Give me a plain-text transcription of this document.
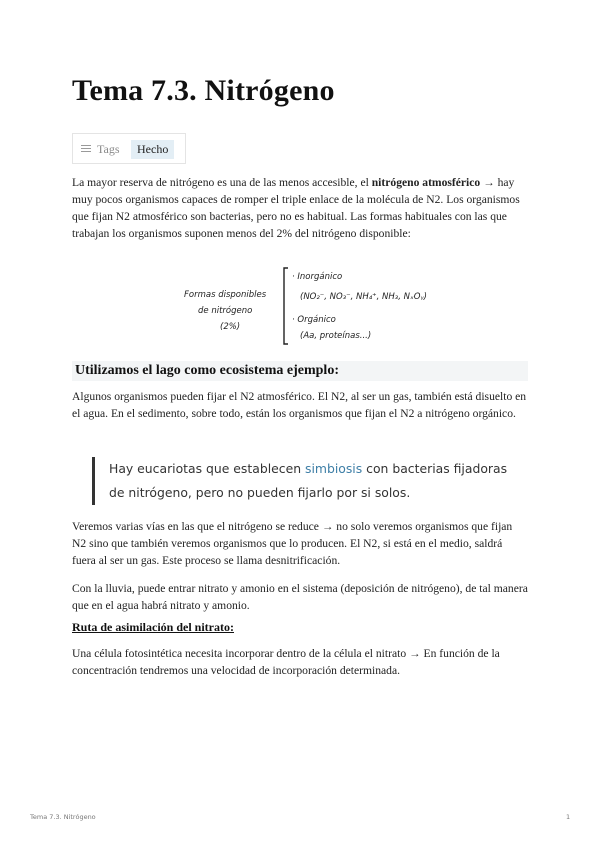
Tema 7.3. Nitrógeno
Tags	Hecho

La mayor reserva de nitrógeno es una de las menos accesible, el nitrógeno atmosférico → hay muy pocos organismos capaces de romper el triple enlace de la molécula de N2. Los organismos que fijan N2 atmosférico son bacterias, pero no es habitual. Las formas habituales con las que trabajan los organismos suponen menos del 2% del nitrógeno disponible:

Formas disponibles
de nitrógeno
(2%)
· Inorgánico
(NO₂⁻, NO₃⁻, NH₄⁺, NH₃, NₓOᵧ)
· Orgánico
(Aa, proteínas...)
Utilizamos el lago como ecosistema ejemplo:

Algunos organismos pueden fijar el N2 atmosférico. El N2, al ser un gas, también está disuelto en el agua. En el sedimento, sobre todo, están los organismos que fijan el N2 a nitrógeno orgánico.

Hay eucariotas que establecen simbiosis con bacterias fijadoras de nitrógeno, pero no pueden fijarlo por si solos.

Veremos varias vías en las que el nitrógeno se reduce → no solo veremos organismos que fijan N2 sino que también veremos organismos que lo producen. El N2, si está en el medio, saldrá fuera al ser un gas. Este proceso se llama desnitrificación.

Con la lluvia, puede entrar nitrato y amonio en el sistema (deposición de nitrógeno), de tal manera que en el agua habrá nitrato y amonio.

Ruta de asimilación del nitrato:

Una célula fotosintética necesita incorporar dentro de la célula el nitrato → En función de la concentración tendremos una velocidad de incorporación determinada.

Tema 7.3. Nitrógeno	1
